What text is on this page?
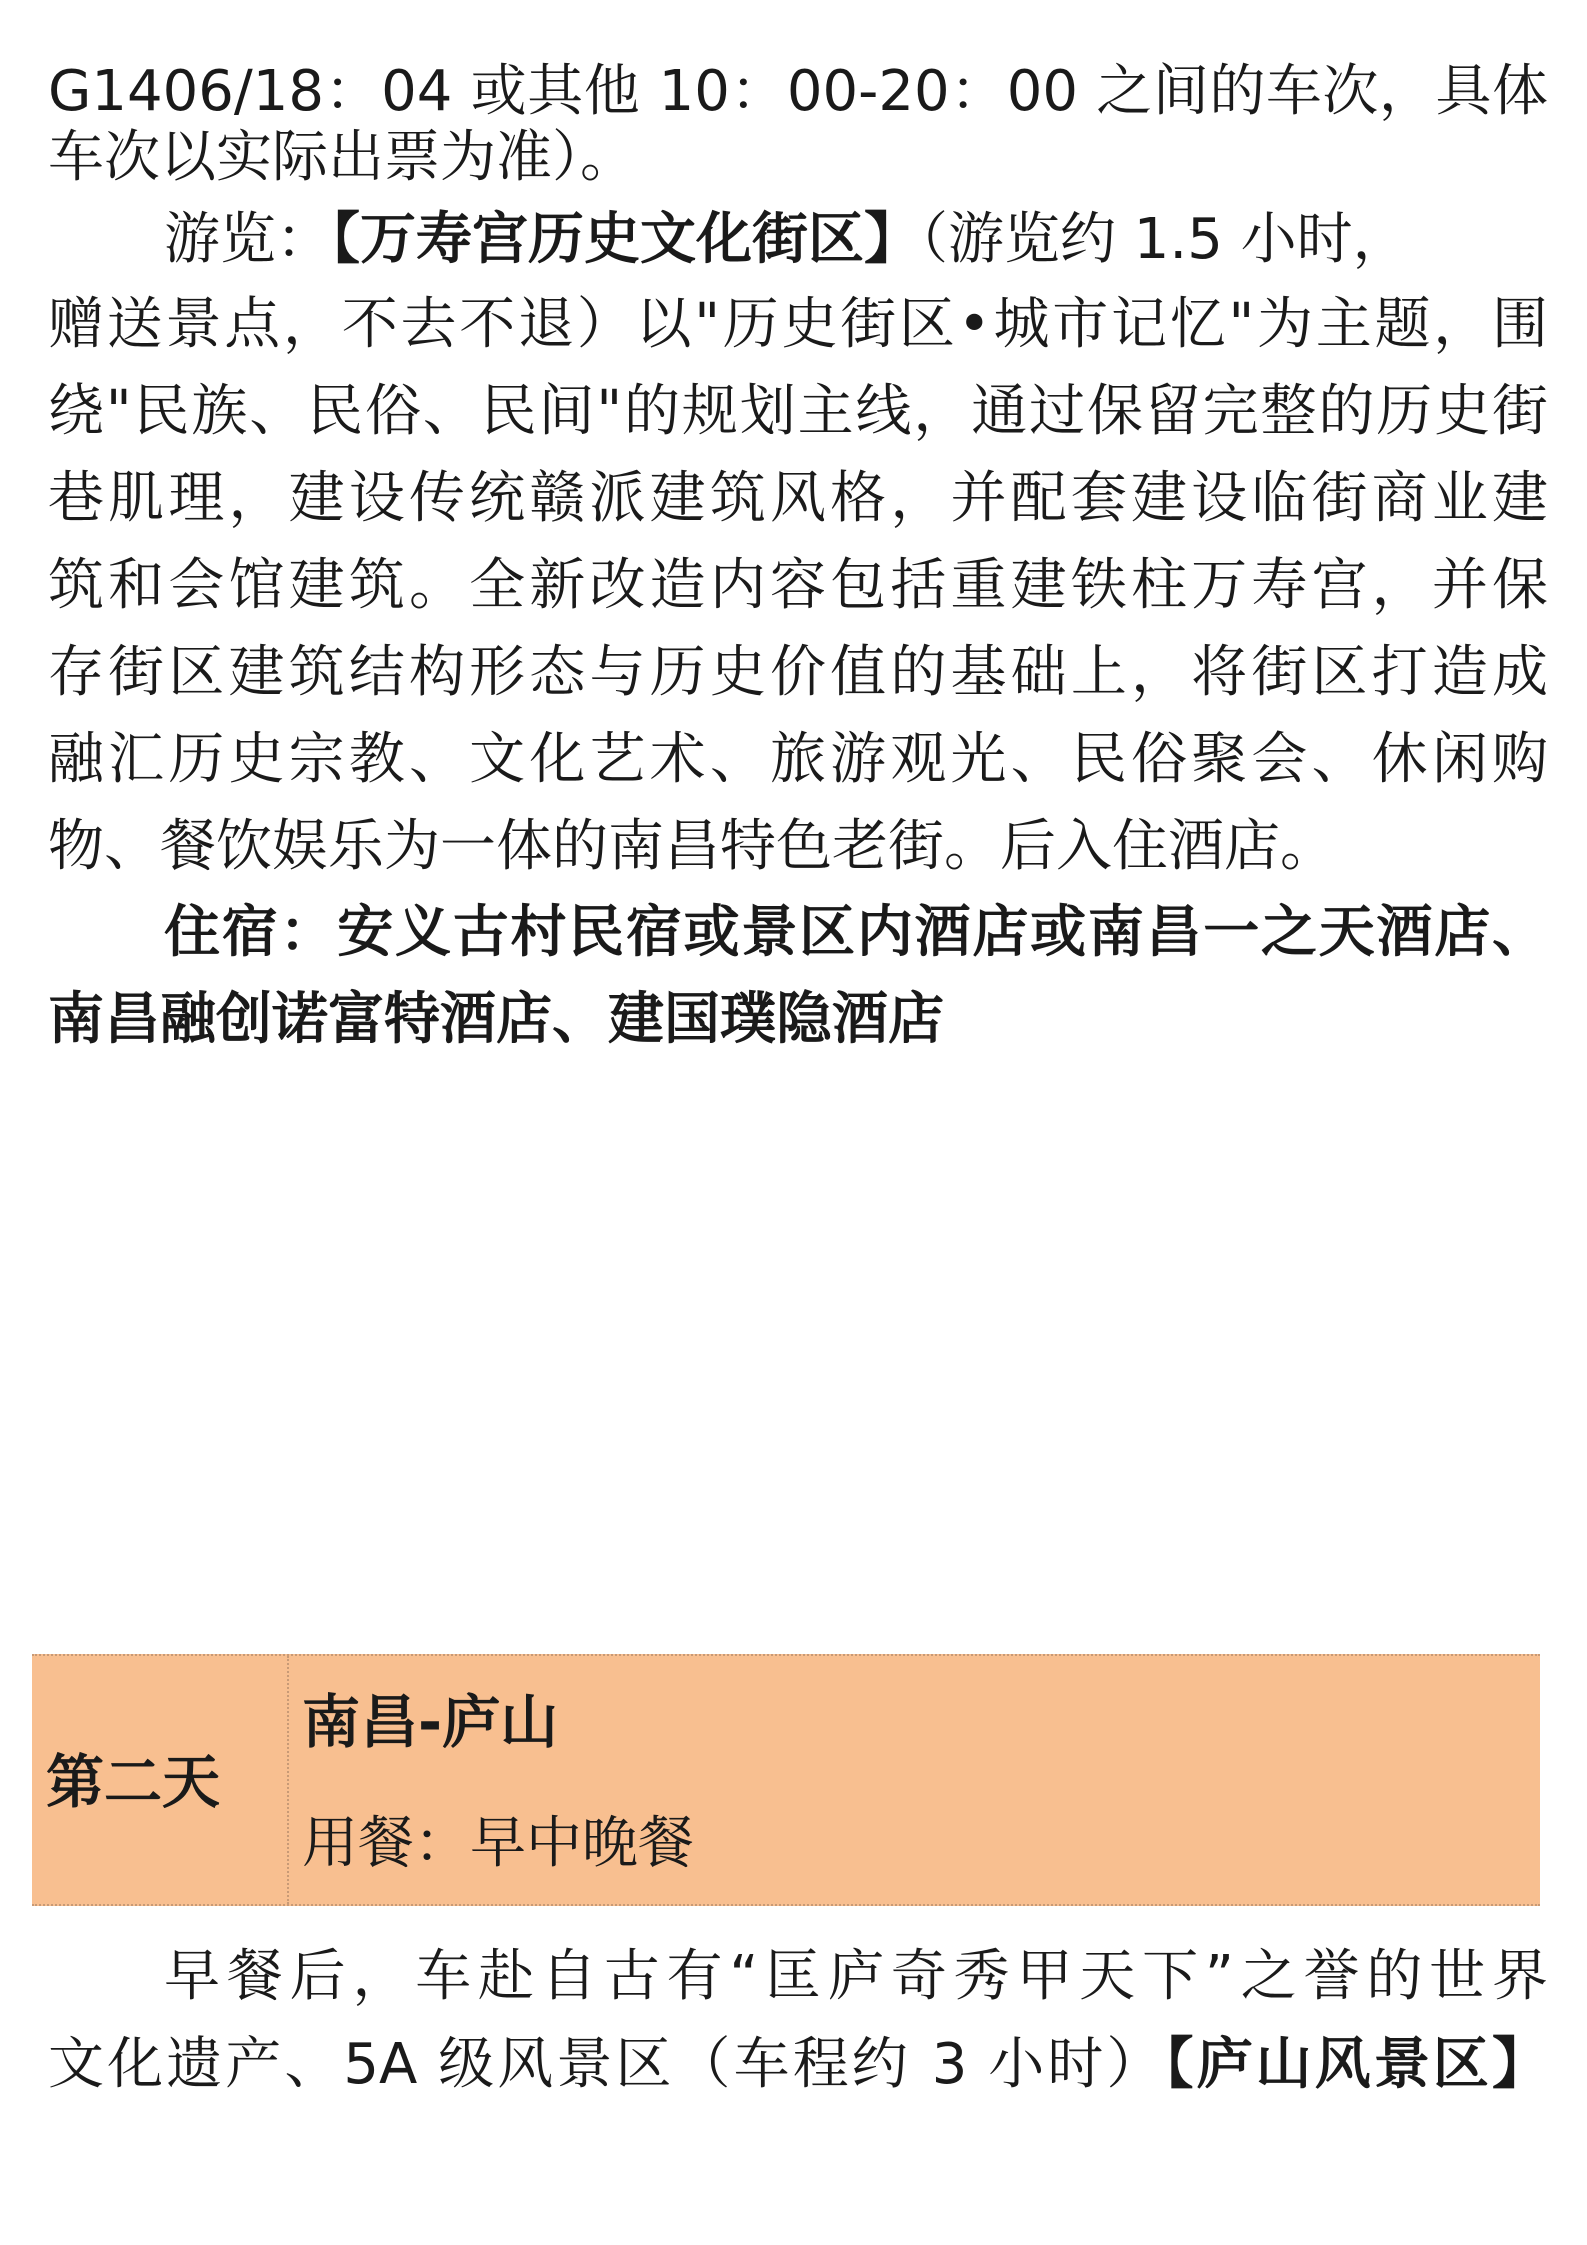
G1406/18：04 或其他 10：00-20：00 之间的车次，具体
车次以实际出票为准）。
游览：【万寿宫历史文化街区】（游览约 1.5 小时，
赠送景点，不去不退）以"历史街区•城市记忆"为主题，围
绕"民族、民俗、民间"的规划主线，通过保留完整的历史街
巷肌理，建设传统赣派建筑风格，并配套建设临街商业建
筑和会馆建筑。全新改造内容包括重建铁柱万寿宫，并保
存街区建筑结构形态与历史价值的基础上，将街区打造成
融汇历史宗教、文化艺术、旅游观光、民俗聚会、休闲购
物、餐饮娱乐为一体的南昌特色老街。后入住酒店。
住宿：安义古村民宿或景区内酒店或南昌一之天酒店、
南昌融创诺富特酒店、建国璞隐酒店
第二天
南昌-庐山
用餐：早中晚餐
早餐后，车赴自古有“匡庐奇秀甲天下”之誉的世界
文化遗产、5A 级风景区（车程约 3 小时）【庐山风景区】
